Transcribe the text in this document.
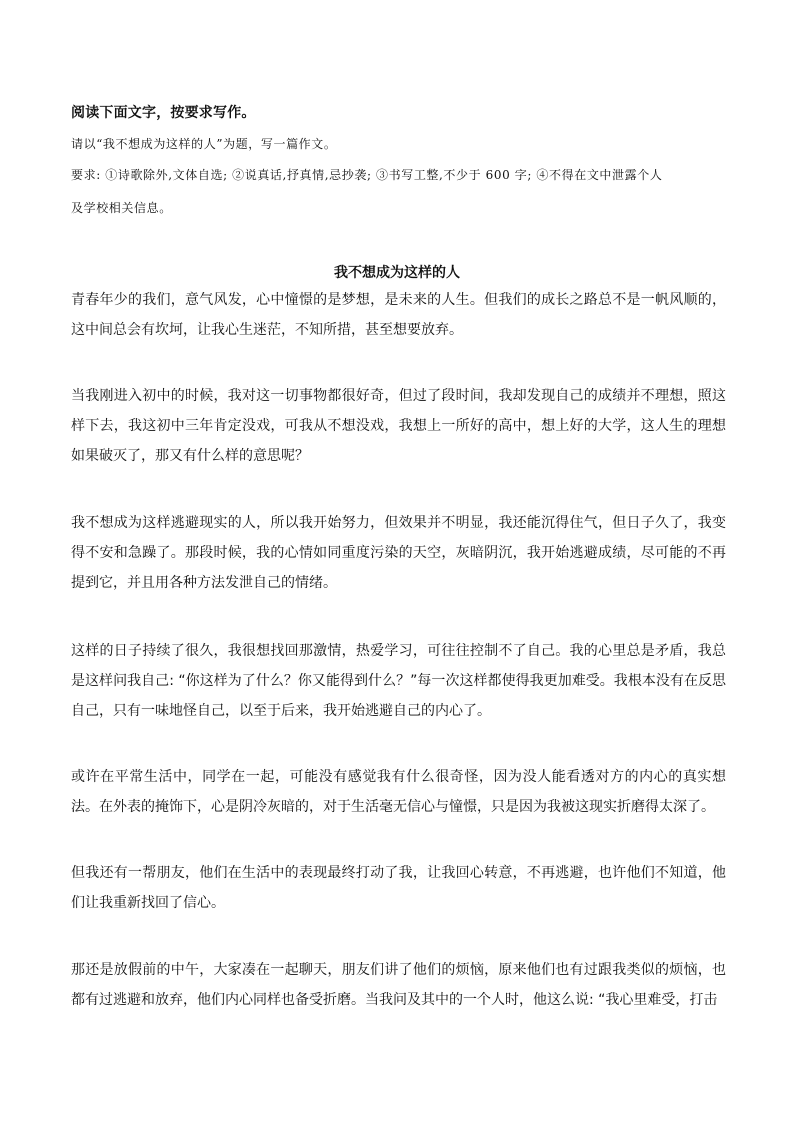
阅读下面文字，按要求写作。
请以“我不想成为这样的人”为题，写一篇作文。
要求: ①诗歌除外,文体自选; ②说真话,抒真情,忌抄袭; ③书写工整,不少于 600 字; ④不得在文中泄露个人
及学校相关信息。
我不想成为这样的人
青春年少的我们，意气风发，心中憧憬的是梦想，是未来的人生。但我们的成长之路总不是一帆风顺的，这中间总会有坎坷，让我心生迷茫，不知所措，甚至想要放弃。
当我刚进入初中的时候，我对这一切事物都很好奇，但过了段时间，我却发现自己的成绩并不理想，照这样下去，我这初中三年肯定没戏，可我从不想没戏，我想上一所好的高中，想上好的大学，这人生的理想如果破灭了，那又有什么样的意思呢？
我不想成为这样逃避现实的人，所以我开始努力，但效果并不明显，我还能沉得住气，但日子久了，我变得不安和急躁了。那段时候，我的心情如同重度污染的天空，灰暗阴沉，我开始逃避成绩，尽可能的不再提到它，并且用各种方法发泄自己的情绪。
这样的日子持续了很久，我很想找回那激情，热爱学习，可往往控制不了自己。我的心里总是矛盾，我总是这样问我自己: “你这样为了什么？你又能得到什么？”每一次这样都使得我更加难受。我根本没有在反思自己，只有一味地怪自己，以至于后来，我开始逃避自己的内心了。
或许在平常生活中，同学在一起，可能没有感觉我有什么很奇怪，因为没人能看透对方的内心的真实想法。在外表的掩饰下，心是阴冷灰暗的，对于生活毫无信心与憧憬，只是因为我被这现实折磨得太深了。
但我还有一帮朋友，他们在生活中的表现最终打动了我，让我回心转意，不再逃避，也许他们不知道，他们让我重新找回了信心。
那还是放假前的中午，大家凑在一起聊天，朋友们讲了他们的烦恼，原来他们也有过跟我类似的烦恼，也都有过逃避和放弃，他们内心同样也备受折磨。当我问及其中的一个人时，他这么说: “我心里难受，打击
